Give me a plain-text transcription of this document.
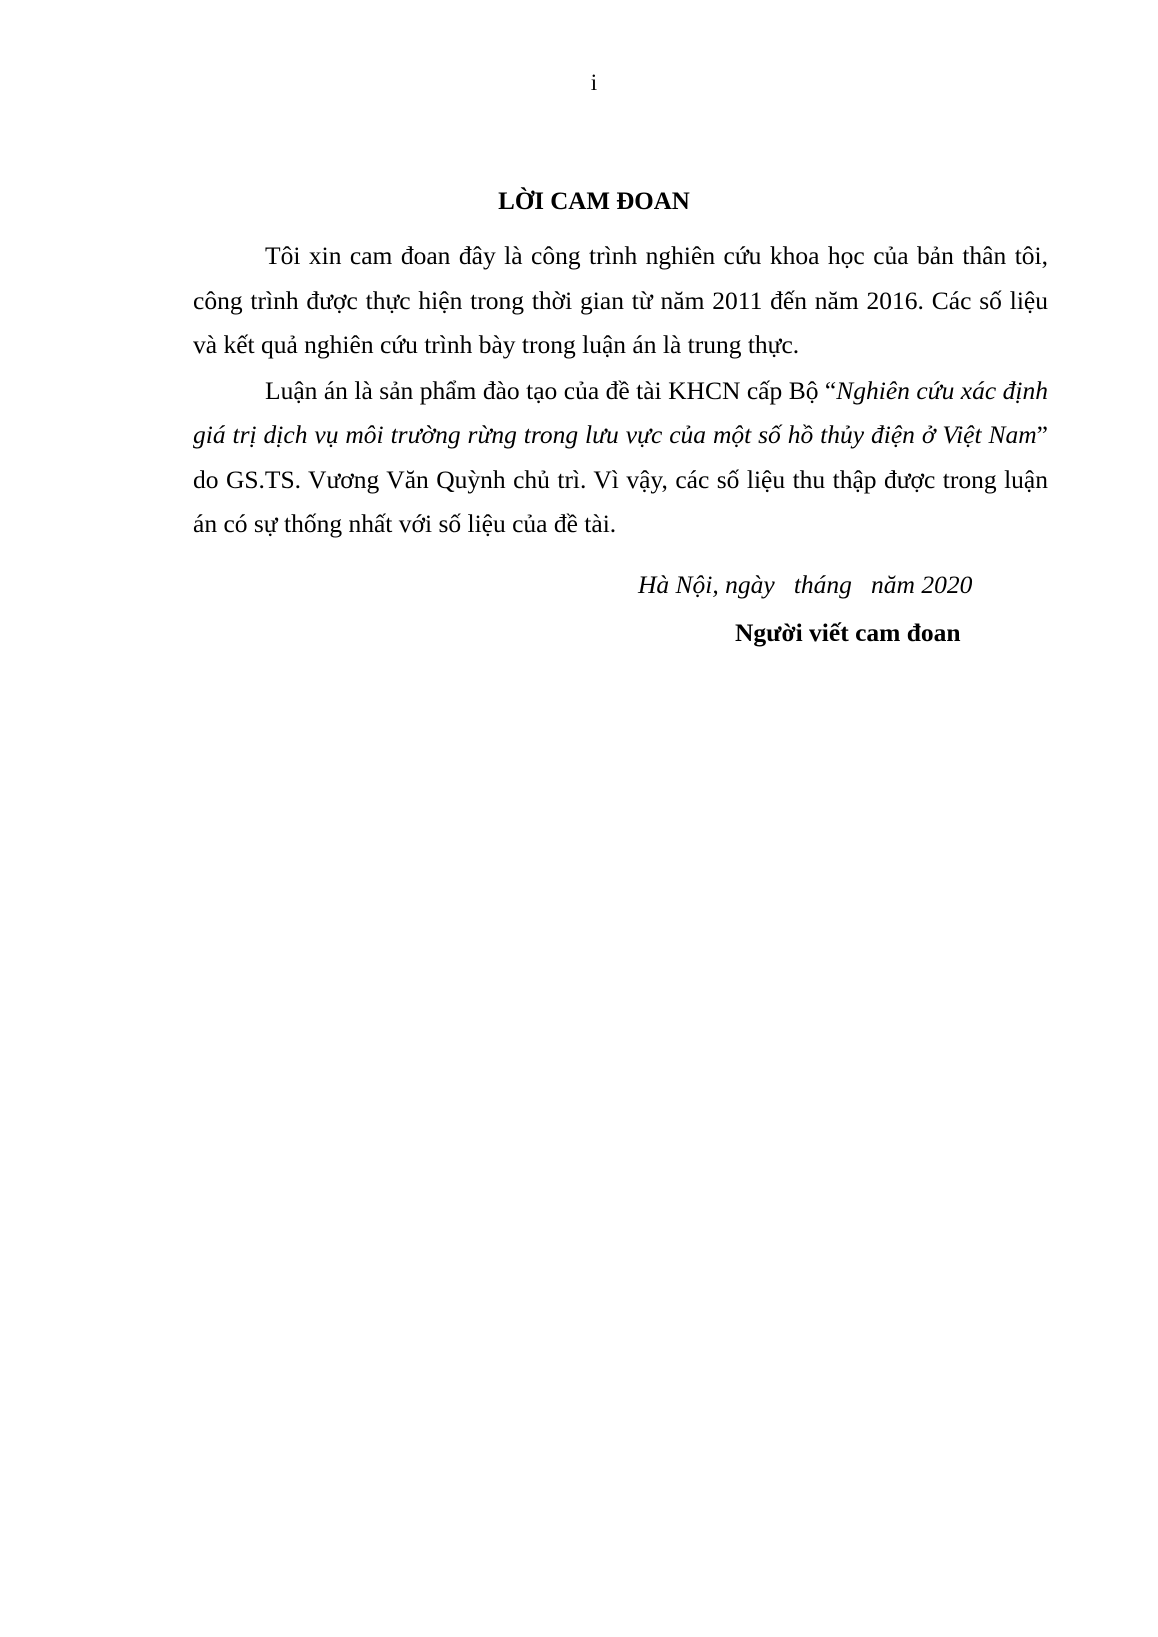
i
LỜI CAM ĐOAN

Tôi xin cam đoan đây là công trình nghiên cứu khoa học của bản thân tôi, công trình được thực hiện trong thời gian từ năm 2011 đến năm 2016. Các số liệu và kết quả nghiên cứu trình bày trong luận án là trung thực.

Luận án là sản phẩm đào tạo của đề tài KHCN cấp Bộ “Nghiên cứu xác định giá trị dịch vụ môi trường rừng trong lưu vực của một số hồ thủy điện ở Việt Nam” do GS.TS. Vương Văn Quỳnh chủ trì. Vì vậy, các số liệu thu thập được trong luận án có sự thống nhất với số liệu của đề tài.

Hà Nội, ngày   tháng   năm 2020
Người viết cam đoan
